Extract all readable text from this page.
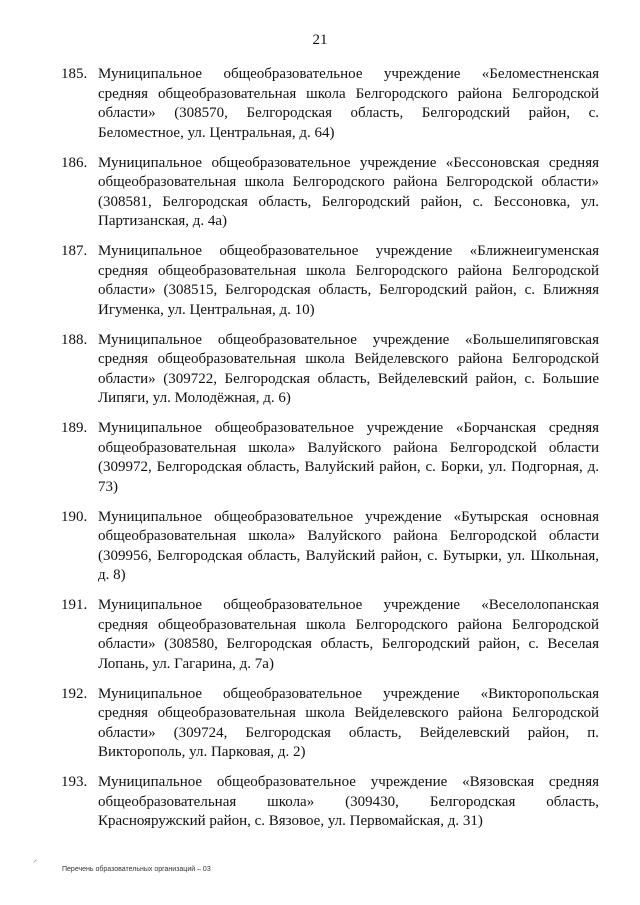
21
185. Муниципальное общеобразовательное учреждение «Беломестненская средняя общеобразовательная школа Белгородского района Белгородской области» (308570, Белгородская область, Белгородский район, с. Беломестное, ул. Центральная, д. 64)
186. Муниципальное общеобразовательное учреждение «Бессоновская средняя общеобразовательная школа Белгородского района Белгородской области» (308581, Белгородская область, Белгородский район, с. Бессоновка, ул. Партизанская, д. 4а)
187. Муниципальное общеобразовательное учреждение «Ближнеигуменская средняя общеобразовательная школа Белгородского района Белгородской области» (308515, Белгородская область, Белгородский район, с. Ближняя Игуменка, ул. Центральная, д. 10)
188. Муниципальное общеобразовательное учреждение «Большелипяговская средняя общеобразовательная школа Вейделевского района Белгородской области» (309722, Белгородская область, Вейделевский район, с. Большие Липяги, ул. Молодёжная, д. 6)
189. Муниципальное общеобразовательное учреждение «Борчанская средняя общеобразовательная школа» Валуйского района Белгородской области (309972, Белгородская область, Валуйский район, с. Борки, ул. Подгорная, д. 73)
190. Муниципальное общеобразовательное учреждение «Бутырская основная общеобразовательная школа» Валуйского района Белгородской области (309956, Белгородская область, Валуйский район, с. Бутырки, ул. Школьная, д. 8)
191. Муниципальное общеобразовательное учреждение «Веселолопанская средняя общеобразовательная школа Белгородского района Белгородской области» (308580, Белгородская область, Белгородский район, с. Веселая Лопань, ул. Гагарина, д. 7а)
192. Муниципальное общеобразовательное учреждение «Викторопольская средняя общеобразовательная школа Вейделевского района Белгородской области» (309724, Белгородская область, Вейделевский район, п. Викторополь, ул. Парковая, д. 2)
193. Муниципальное общеобразовательное учреждение «Вязовская средняя общеобразовательная школа» (309430, Белгородская область, Краснояружский район, с. Вязовое, ул. Первомайская, д. 31)
⸝
Перечень образовательных организаций – 03
